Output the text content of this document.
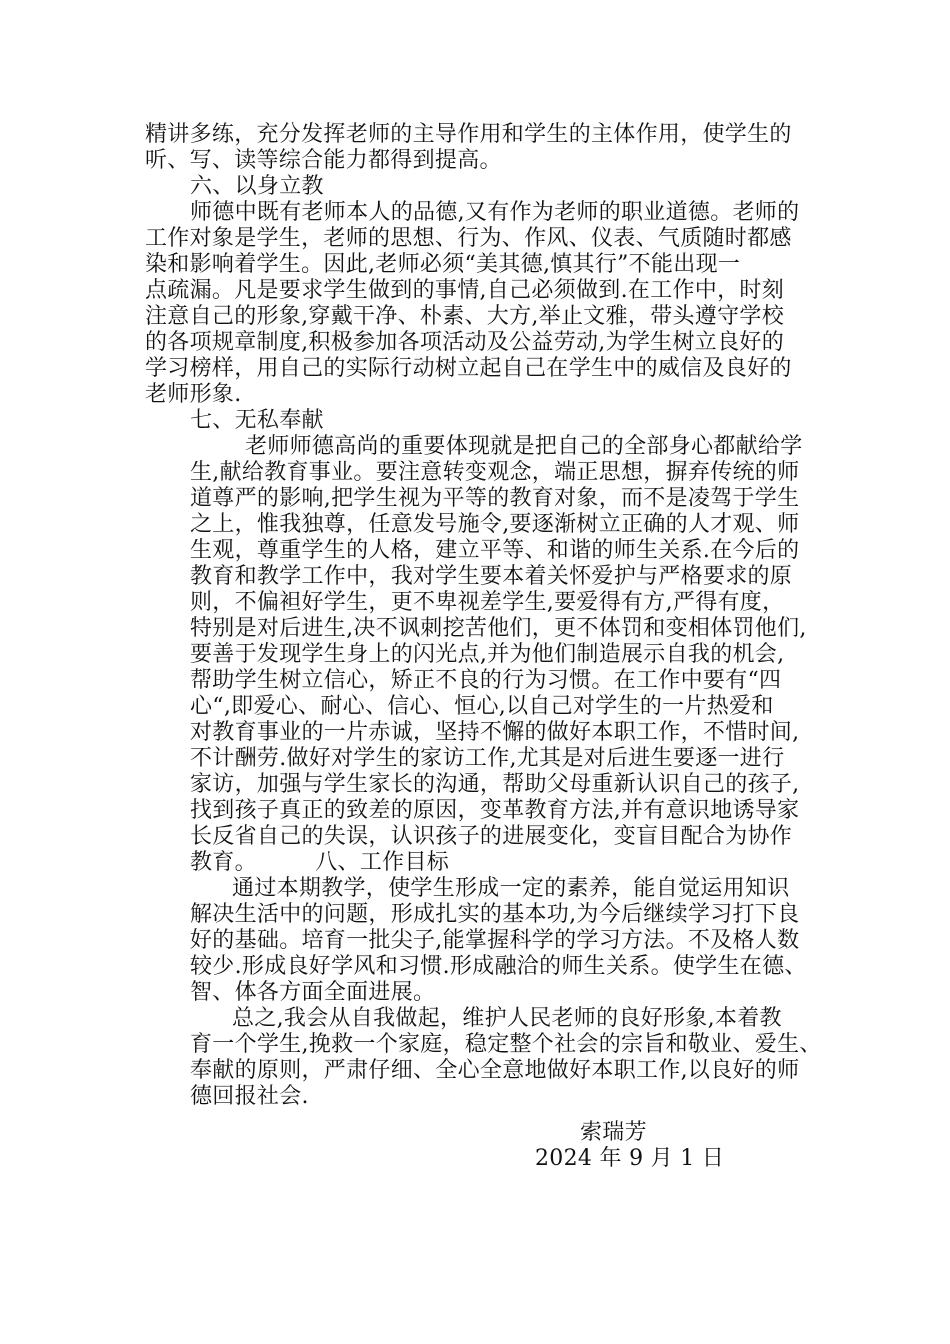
精讲多练，充分发挥老师的主导作用和学生的主体作用，使学生的
听、写、读等综合能力都得到提高。
六、以身立教
师德中既有老师本人的品德,又有作为老师的职业道德。老师的
工作对象是学生，老师的思想、行为、作风、仪表、气质随时都感
染和影响着学生。因此,老师必须“美其德,慎其行”不能出现一
点疏漏。凡是要求学生做到的事情,自己必须做到.在工作中，时刻
注意自己的形象,穿戴干净、朴素、大方,举止文雅，带头遵守学校
的各项规章制度,积极参加各项活动及公益劳动,为学生树立良好的
学习榜样，用自己的实际行动树立起自己在学生中的威信及良好的
老师形象.
七、无私奉献
老师师德高尚的重要体现就是把自己的全部身心都献给学
生,献给教育事业。要注意转变观念，端正思想，摒弃传统的师
道尊严的影响,把学生视为平等的教育对象，而不是凌驾于学生
之上，惟我独尊，任意发号施令,要逐渐树立正确的人才观、师
生观，尊重学生的人格，建立平等、和谐的师生关系.在今后的
教育和教学工作中，我对学生要本着关怀爱护与严格要求的原
则，不偏袒好学生，更不卑视差学生,要爱得有方,严得有度，
特别是对后进生,决不讽刺挖苦他们，更不体罚和变相体罚他们,
要善于发现学生身上的闪光点,并为他们制造展示自我的机会,
帮助学生树立信心，矫正不良的行为习惯。在工作中要有“四
心“,即爱心、耐心、信心、恒心,以自己对学生的一片热爱和
对教育事业的一片赤诚，坚持不懈的做好本职工作，不惜时间,
不计酬劳.做好对学生的家访工作,尤其是对后进生要逐一进行
家访，加强与学生家长的沟通，帮助父母重新认识自己的孩子,
找到孩子真正的致差的原因，变革教育方法,并有意识地诱导家
长反省自己的失误，认识孩子的进展变化，变盲目配合为协作
教育。        八、工作目标
通过本期教学，使学生形成一定的素养，能自觉运用知识
解决生活中的问题，形成扎实的基本功,为今后继续学习打下良
好的基础。培育一批尖子,能掌握科学的学习方法。不及格人数
较少.形成良好学风和习惯.形成融洽的师生关系。使学生在德、
智、体各方面全面进展。
总之,我会从自我做起，维护人民老师的良好形象,本着教
育一个学生,挽救一个家庭，稳定整个社会的宗旨和敬业、爱生、
奉献的原则，严肃仔细、全心全意地做好本职工作,以良好的师
德回报社会.
索瑞芳
2024 年 9 月 1 日
